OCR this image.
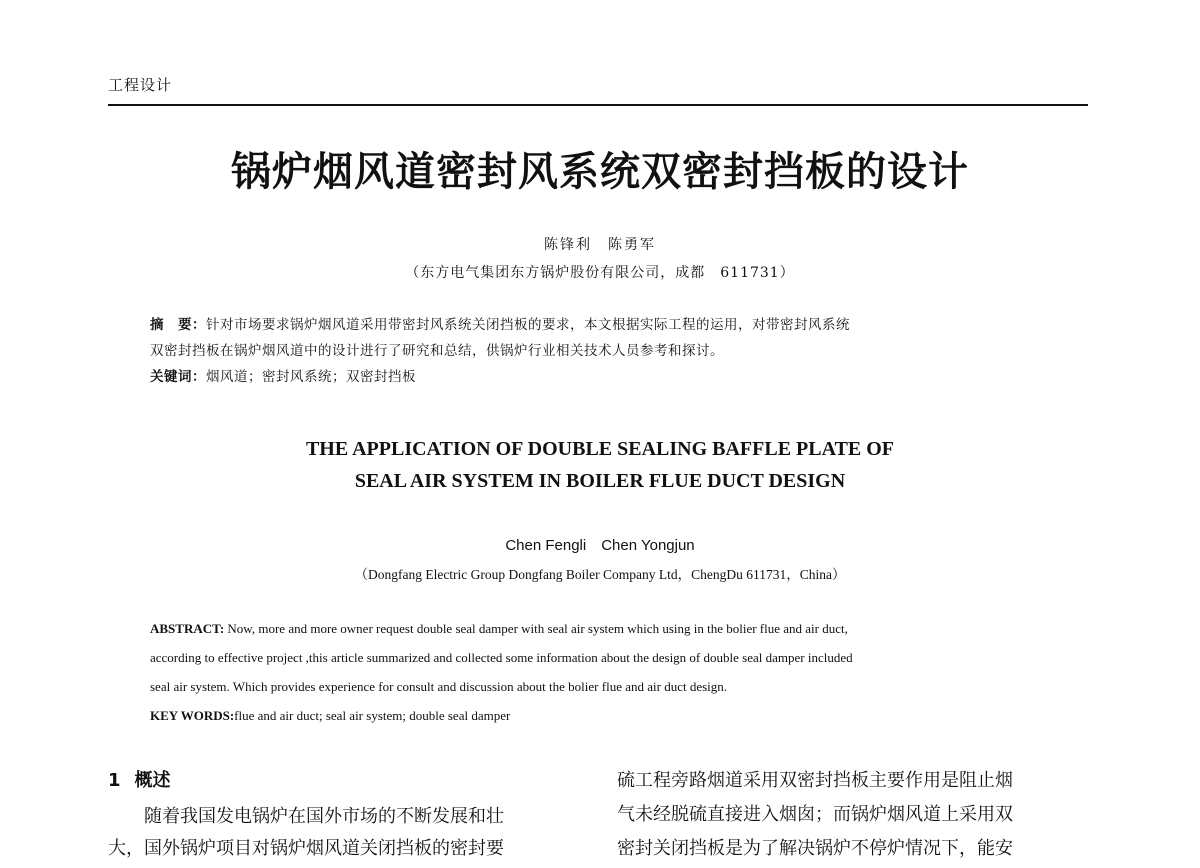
工程设计
锅炉烟风道密封风系统双密封挡板的设计
陈锋利　陈勇军
（东方电气集团东方锅炉股份有限公司，成都　611731）
摘　要：针对市场要求锅炉烟风道采用带密封风系统关闭挡板的要求，本文根据实际工程的运用，对带密封风系统
双密封挡板在锅炉烟风道中的设计进行了研究和总结，供锅炉行业相关技术人员参考和探讨。
关键词：烟风道；密封风系统；双密封挡板
THE APPLICATION OF DOUBLE SEALING BAFFLE PLATE OF
SEAL AIR SYSTEM IN BOILER FLUE DUCT DESIGN
Chen Fengli　Chen Yongjun
（Dongfang Electric Group Dongfang Boiler Company Ltd，ChengDu 611731，China）
ABSTRACT: Now, more and more owner request double seal damper with seal air system which using in the bolier flue and air duct,
according to effective project ,this article summarized and collected some information about the design of double seal damper included
seal air system. Which provides experience for consult and discussion about the bolier flue and air duct design.
KEY WORDS:flue and air duct; seal air system; double seal damper
1 概述
随着我国发电锅炉在国外市场的不断发展和壮
大，国外锅炉项目对锅炉烟风道关闭挡板的密封要
硫工程旁路烟道采用双密封挡板主要作用是阻止烟
气未经脱硫直接进入烟囱；而锅炉烟风道上采用双
密封关闭挡板是为了解决锅炉不停炉情况下，能安
